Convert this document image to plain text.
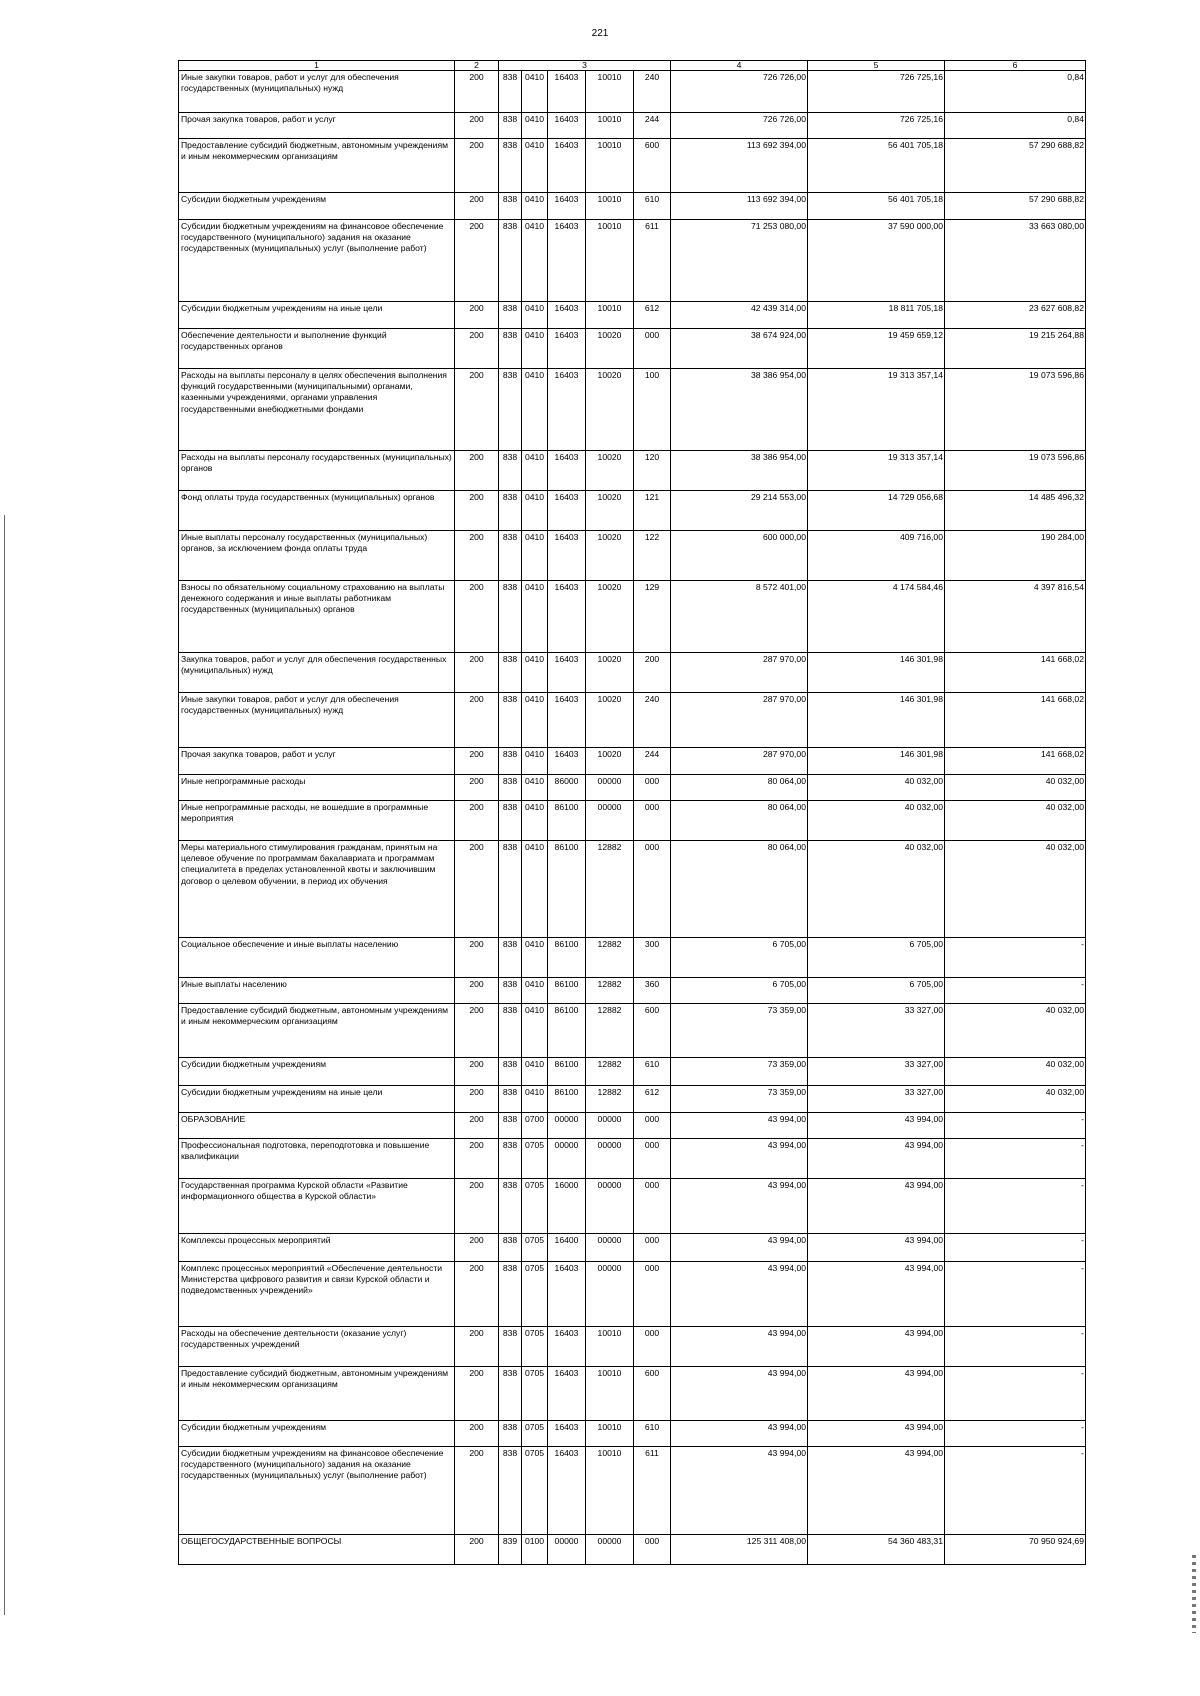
221
1	2	3					4	5	6
Иные закупки товаров, работ и услуг для обеспечения государственных (муниципальных) нужд	200	838	0410	16403	10010	240	726 726,00	726 725,16	0,84
Прочая закупка товаров, работ и услуг	200	838	0410	16403	10010	244	726 726,00	726 725,16	0,84
Предоставление субсидий бюджетным, автономным учреждениям и иным некоммерческим организациям	200	838	0410	16403	10010	600	113 692 394,00	56 401 705,18	57 290 688,82
Субсидии бюджетным учреждениям	200	838	0410	16403	10010	610	113 692 394,00	56 401 705,18	57 290 688,82
Субсидии бюджетным учреждениям на финансовое обеспечение государственного (муниципального) задания на оказание государственных (муниципальных) услуг (выполнение работ)	200	838	0410	16403	10010	611	71 253 080,00	37 590 000,00	33 663 080,00
Субсидии бюджетным учреждениям на иные цели	200	838	0410	16403	10010	612	42 439 314,00	18 811 705,18	23 627 608,82
Обеспечение деятельности и выполнение функций государственных органов	200	838	0410	16403	10020	000	38 674 924,00	19 459 659,12	19 215 264,88
Расходы на выплаты персоналу в целях обеспечения выполнения функций государственными (муниципальными) органами, казенными учреждениями, органами управления государственными внебюджетными фондами	200	838	0410	16403	10020	100	38 386 954,00	19 313 357,14	19 073 596,86
Расходы на выплаты персоналу государственных (муниципальных) органов	200	838	0410	16403	10020	120	38 386 954,00	19 313 357,14	19 073 596,86
Фонд оплаты труда государственных (муниципальных) органов	200	838	0410	16403	10020	121	29 214 553,00	14 729 056,68	14 485 496,32
Иные выплаты персоналу государственных (муниципальных) органов, за исключением фонда оплаты труда	200	838	0410	16403	10020	122	600 000,00	409 716,00	190 284,00
Взносы по обязательному социальному страхованию на выплаты денежного содержания и иные выплаты работникам государственных (муниципальных) органов	200	838	0410	16403	10020	129	8 572 401,00	4 174 584,46	4 397 816,54
Закупка товаров, работ и услуг для обеспечения государственных (муниципальных) нужд	200	838	0410	16403	10020	200	287 970,00	146 301,98	141 668,02
Иные закупки товаров, работ и услуг для обеспечения государственных (муниципальных) нужд	200	838	0410	16403	10020	240	287 970,00	146 301,98	141 668,02
Прочая закупка товаров, работ и услуг	200	838	0410	16403	10020	244	287 970,00	146 301,98	141 668,02
Иные непрограммные расходы	200	838	0410	86000	00000	000	80 064,00	40 032,00	40 032,00
Иные непрограммные расходы, не вошедшие в программные мероприятия	200	838	0410	86100	00000	000	80 064,00	40 032,00	40 032,00
Меры материального стимулирования гражданам, принятым на целевое обучение по программам бакалавриата и программам специалитета в пределах установленной квоты и заключившим договор о целевом обучении, в период их обучения	200	838	0410	86100	12882	000	80 064,00	40 032,00	40 032,00
Социальное обеспечение и иные выплаты населению	200	838	0410	86100	12882	300	6 705,00	6 705,00	-
Иные выплаты населению	200	838	0410	86100	12882	360	6 705,00	6 705,00	-
Предоставление субсидий бюджетным, автономным учреждениям и иным некоммерческим организациям	200	838	0410	86100	12882	600	73 359,00	33 327,00	40 032,00
Субсидии бюджетным учреждениям	200	838	0410	86100	12882	610	73 359,00	33 327,00	40 032,00
Субсидии бюджетным учреждениям на иные цели	200	838	0410	86100	12882	612	73 359,00	33 327,00	40 032,00
ОБРАЗОВАНИЕ	200	838	0700	00000	00000	000	43 994,00	43 994,00	-
Профессиональная подготовка, переподготовка и повышение квалификации	200	838	0705	00000	00000	000	43 994,00	43 994,00	-
Государственная программа Курской области «Развитие информационного общества в Курской области»	200	838	0705	16000	00000	000	43 994,00	43 994,00	-
Комплексы процессных мероприятий	200	838	0705	16400	00000	000	43 994,00	43 994,00	-
Комплекс процессных мероприятий «Обеспечение деятельности Министерства цифрового развития и связи Курской области и подведомственных учреждений»	200	838	0705	16403	00000	000	43 994,00	43 994,00	-
Расходы на обеспечение деятельности (оказание услуг) государственных учреждений	200	838	0705	16403	10010	000	43 994,00	43 994,00	-
Предоставление субсидий бюджетным, автономным учреждениям и иным некоммерческим организациям	200	838	0705	16403	10010	600	43 994,00	43 994,00	-
Субсидии бюджетным учреждениям	200	838	0705	16403	10010	610	43 994,00	43 994,00	-
Субсидии бюджетным учреждениям на финансовое обеспечение государственного (муниципального) задания на оказание государственных (муниципальных) услуг (выполнение работ)	200	838	0705	16403	10010	611	43 994,00	43 994,00	-
ОБЩЕГОСУДАРСТВЕННЫЕ ВОПРОСЫ	200	839	0100	00000	00000	000	125 311 408,00	54 360 483,31	70 950 924,69
